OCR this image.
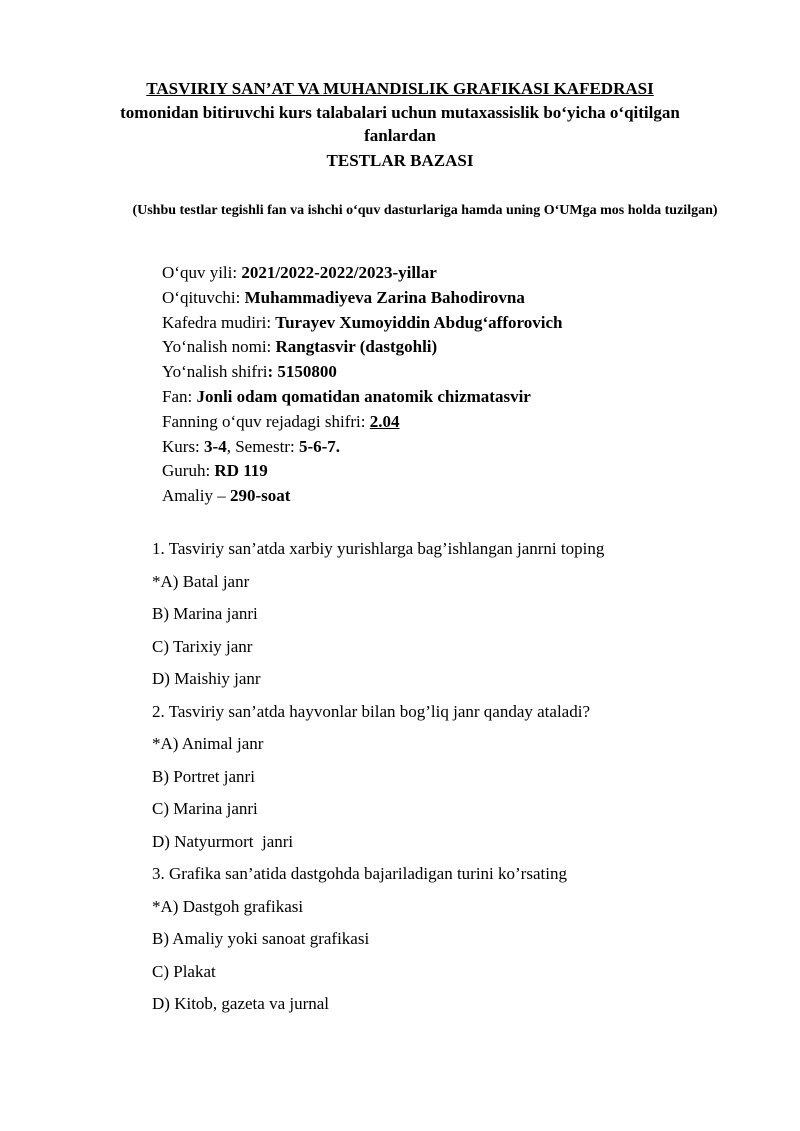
TASVIRIY SAN’AT VA MUHANDISLIK GRAFIKASI KAFEDRASI
tomonidan bitiruvchi kurs talabalari uchun mutaxassislik bo‘yicha o‘qitilgan
fanlardan
TESTLAR BAZASI
(Ushbu testlar tegishli fan va ishchi o‘quv dasturlariga hamda uning O‘UMga mos holda tuzilgan)
O‘quv yili: 2021/2022-2022/2023-yillar
O‘qituvchi: Muhammadiyeva Zarina Bahodirovna
Kafedra mudiri: Turayev Xumoyiddin Abdug‘afforovich
Yo‘nalish nomi: Rangtasvir (dastgohli)
Yo‘nalish shifri: 5150800
Fan: Jonli odam qomatidan anatomik chizmatasvir
Fanning o‘quv rejadagi shifri: 2.04
Kurs: 3-4, Semestr: 5-6-7.
Guruh: RD 119
Amaliy – 290-soat
1. Tasviriy san’atda xarbiy yurishlarga bag’ishlangan janrni toping
*A) Batal janr
B) Marina janri
C) Tarixiy janr
D) Maishiy janr
2. Tasviriy san’atda hayvonlar bilan bog’liq janr qanday ataladi?
*A) Animal janr
B) Portret janri
C) Marina janri
D) Natyurmort  janri
3. Grafika san’atida dastgohda bajariladigan turini ko’rsating
*A) Dastgoh grafikasi
B) Amaliy yoki sanoat grafikasi
C) Plakat
D) Kitob, gazeta va jurnal
